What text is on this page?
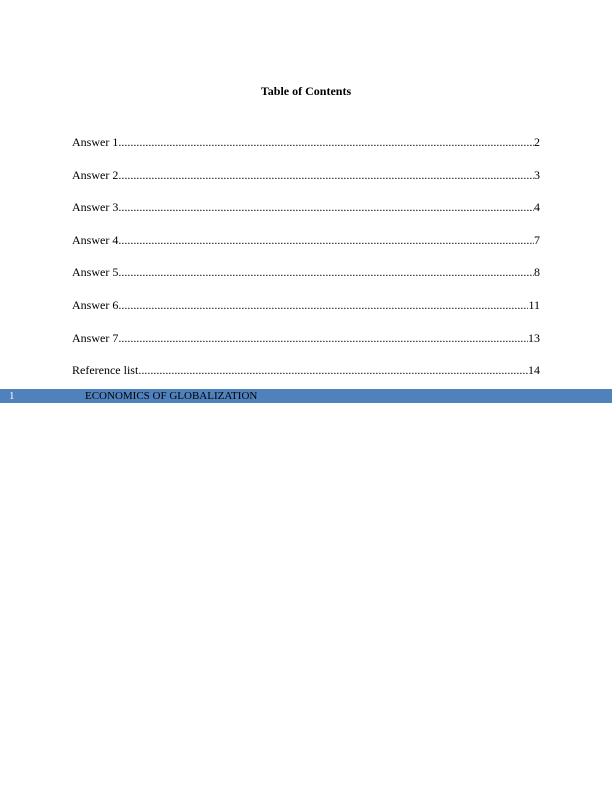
Table of Contents
Answer 1 .....	2
Answer 2 .....	3
Answer 3 .....	4
Answer 4 .....	7
Answer 5 .....	8
Answer 6 .....	11
Answer 7 .....	13
Reference list .....	14
1	ECONOMICS OF GLOBALIZATION
